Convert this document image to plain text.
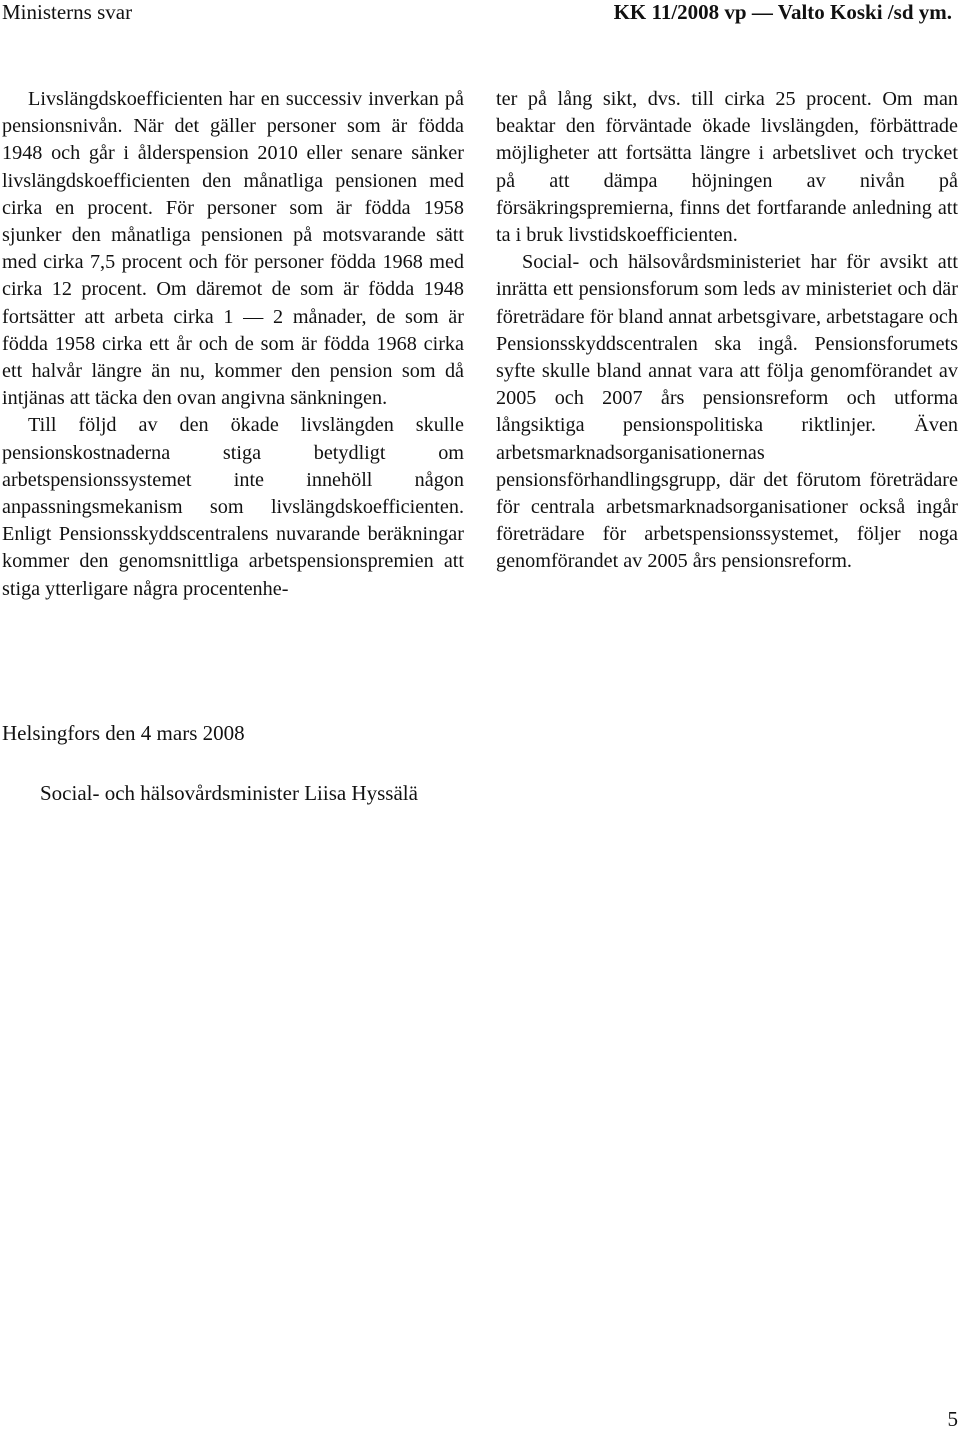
Ministerns svar	KK 11/2008 vp — Valto Koski /sd ym.

Livslängdskoefficienten har en successiv inverkan på pensionsnivån. När det gäller personer som är födda 1948 och går i ålderspension 2010 eller senare sänker livslängdskoefficienten den månatliga pensionen med cirka en procent. För personer som är födda 1958 sjunker den månatliga pensionen på motsvarande sätt med cirka 7,5 procent och för personer födda 1968 med cirka 12 procent. Om däremot de som är födda 1948 fortsätter att arbeta cirka 1 — 2 månader, de som är födda 1958 cirka ett år och de som är födda 1968 cirka ett halvår längre än nu, kommer den pension som då intjänas att täcka den ovan angivna sänkningen.

Till följd av den ökade livslängden skulle pensionskostnaderna stiga betydligt om arbetspensionssystemet inte innehöll någon anpassningsmekanism som livslängdskoefficienten. Enligt Pensionsskyddscentralens nuvarande beräkningar kommer den genomsnittliga arbetspensionspremien att stiga ytterligare några procentenhe-

ter på lång sikt, dvs. till cirka 25 procent. Om man beaktar den förväntade ökade livslängden, förbättrade möjligheter att fortsätta längre i arbetslivet och trycket på att dämpa höjningen av nivån på försäkringspremierna, finns det fortfarande anledning att ta i bruk livstidskoefficienten.

Social- och hälsovårdsministeriet har för avsikt att inrätta ett pensionsforum som leds av ministeriet och där företrädare för bland annat arbetsgivare, arbetstagare och Pensionsskyddscentralen ska ingå. Pensionsforumets syfte skulle bland annat vara att följa genomförandet av 2005 och 2007 års pensionsreform och utforma långsiktiga pensionspolitiska riktlinjer. Även arbetsmarknadsorganisationernas pensionsförhandlingsgrupp, där det förutom företrädare för centrala arbetsmarknadsorganisationer också ingår företrädare för arbetspensionssystemet, följer noga genomförandet av 2005 års pensionsreform.

Helsingfors den 4 mars 2008
Social- och hälsovårdsminister Liisa Hyssälä
5
